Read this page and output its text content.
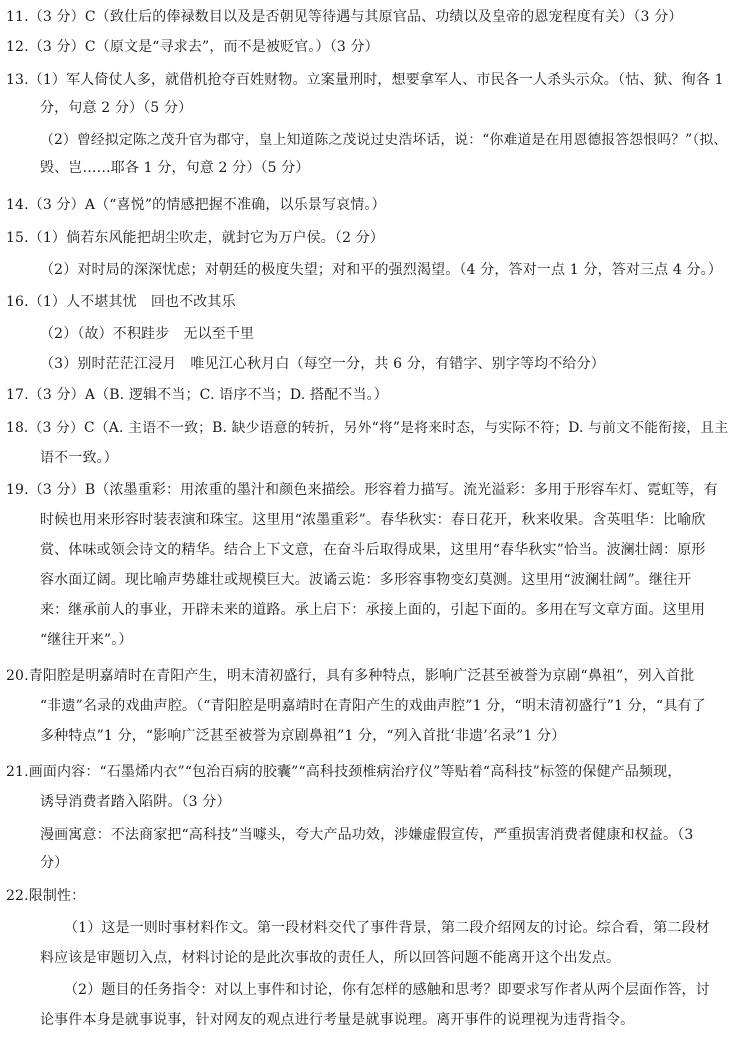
11.（3 分）C（致仕后的俸禄数目以及是否朝见等待遇与其原官品、功绩以及皇帝的恩宠程度有关）（3 分）
12.（3 分）C（原文是“寻求去”，而不是被贬官。）（3 分）
13.（1）军人倚仗人多，就借机抢夺百姓财物。立案量刑时，想要拿军人、市民各一人杀头示众。（怙、狱、徇各 1
分，句意 2 分）（5 分）
（2）曾经拟定陈之茂升官为郡守，皇上知道陈之茂说过史浩坏话，说：“你难道是在用恩德报答怨恨吗？”（拟、
毁、岂……耶各 1 分，句意 2 分）（5 分）
14.（3 分）A（“喜悦”的情感把握不准确，以乐景写哀情。）
15.（1）倘若东风能把胡尘吹走，就封它为万户侯。（2 分）
（2）对时局的深深忧虑；对朝廷的极度失望；对和平的强烈渴望。（4 分，答对一点 1 分，答对三点 4 分。）
16.（1）人不堪其忧 回也不改其乐
（2）（故）不积跬步 无以至千里
（3）别时茫茫江浸月 唯见江心秋月白（每空一分，共 6 分，有错字、别字等均不给分）
17.（3 分）A（B. 逻辑不当；C. 语序不当；D. 搭配不当。）
18.（3 分）C（A. 主语不一致；B. 缺少语意的转折，另外“将”是将来时态，与实际不符；D. 与前文不能衔接，且主
语不一致。）
19.（3 分）B（浓墨重彩：用浓重的墨汁和颜色来描绘。形容着力描写。流光溢彩：多用于形容车灯、霓虹等，有
时候也用来形容时装表演和珠宝。这里用“浓墨重彩”。春华秋实：春日花开，秋来收果。含英咀华：比喻欣
赏、体味或领会诗文的精华。结合上下文意，在奋斗后取得成果，这里用“春华秋实”恰当。波澜壮阔：原形
容水面辽阔。现比喻声势雄壮或规模巨大。波谲云诡：多形容事物变幻莫测。这里用“波澜壮阔”。继往开
来：继承前人的事业，开辟未来的道路。承上启下：承接上面的，引起下面的。多用在写文章方面。这里用
“继往开来”。）
20.青阳腔是明嘉靖时在青阳产生，明末清初盛行，具有多种特点，影响广泛甚至被誉为京剧“鼻祖”，列入首批
“非遗”名录的戏曲声腔。（“青阳腔是明嘉靖时在青阳产生的戏曲声腔”1 分，“明末清初盛行”1 分，“具有了
多种特点”1 分，“影响广泛甚至被誉为京剧鼻祖”1 分，“列入首批‘非遗’名录”1 分）
21.画面内容：“石墨烯内衣”“包治百病的胶囊”“高科技颈椎病治疗仪”等贴着“高科技”标签的保健产品频现，
诱导消费者踏入陷阱。（3 分）
漫画寓意：不法商家把“高科技”当噱头，夸大产品功效，涉嫌虚假宣传，严重损害消费者健康和权益。（3
分）
22.限制性：
（1）这是一则时事材料作文。第一段材料交代了事件背景，第二段介绍网友的讨论。综合看，第二段材
料应该是审题切入点，材料讨论的是此次事故的责任人，所以回答问题不能离开这个出发点。
（2）题目的任务指令：对以上事件和讨论，你有怎样的感触和思考？即要求写作者从两个层面作答，讨
论事件本身是就事说事，针对网友的观点进行考量是就事说理。离开事件的说理视为违背指令。
